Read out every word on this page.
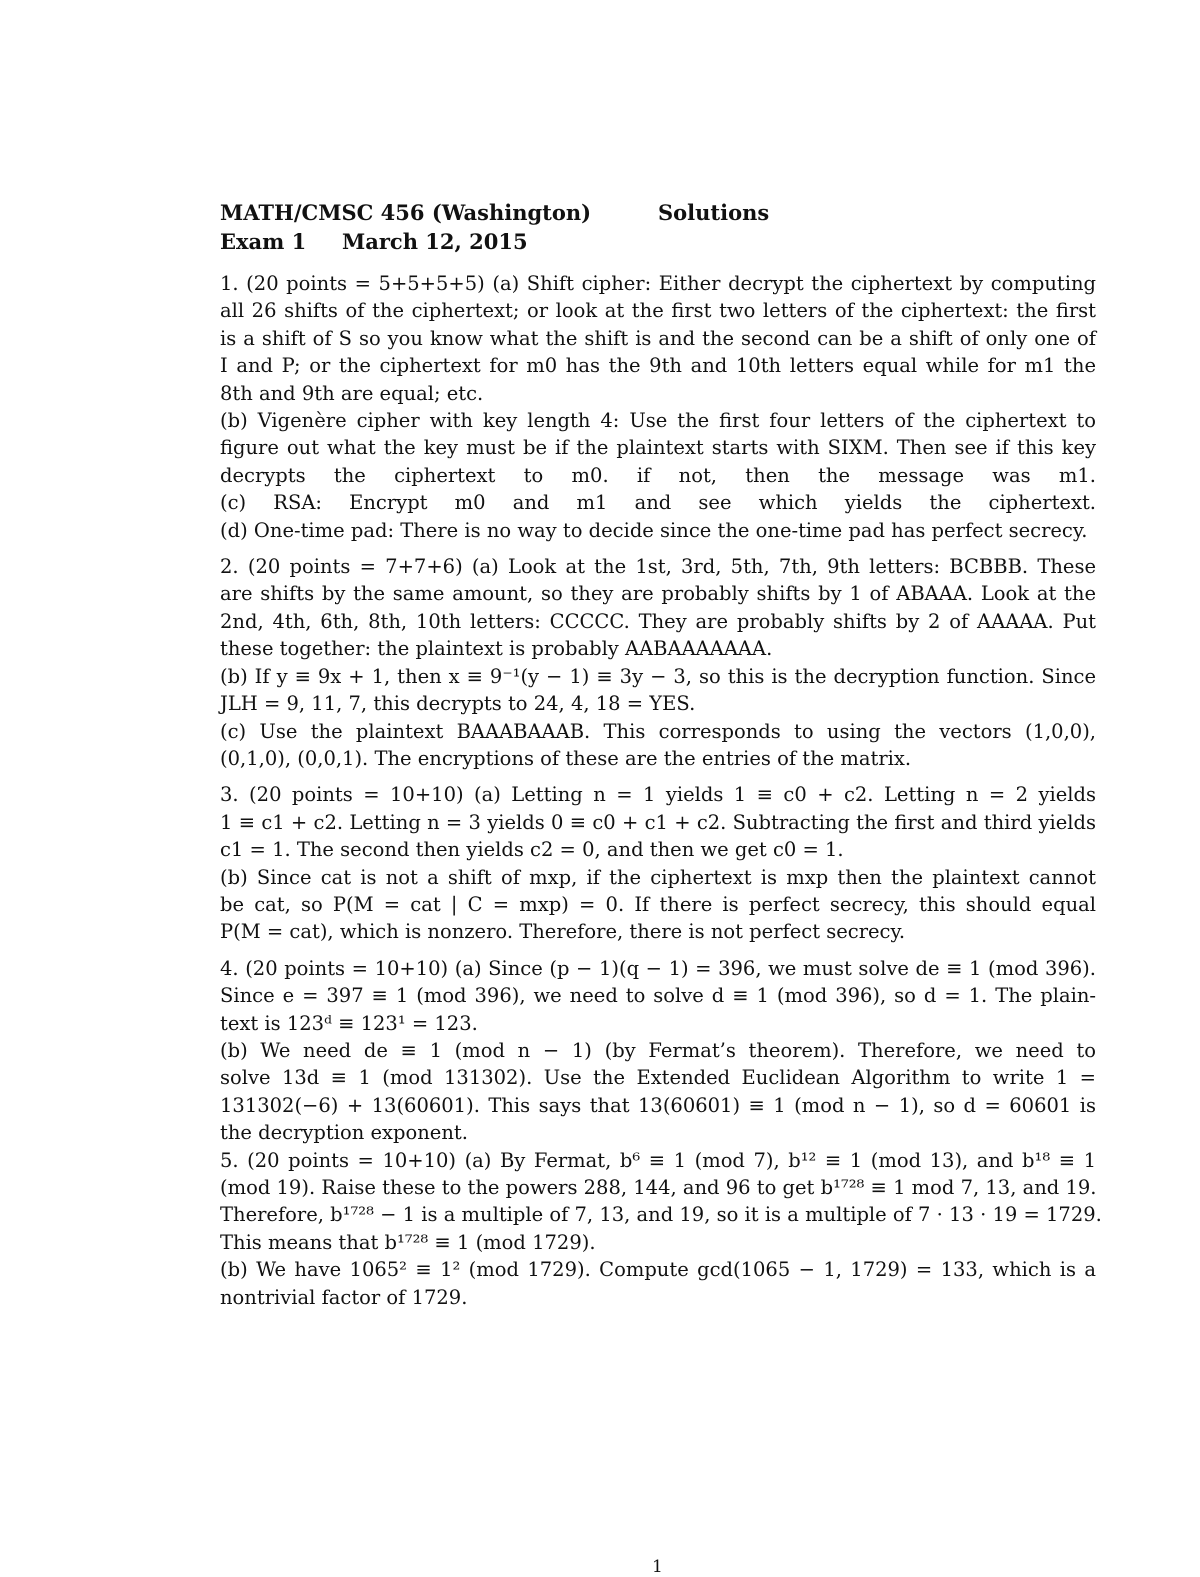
MATH/CMSC 456 (Washington)	Solutions
Exam 1 March 12, 2015
1. (20 points = 5+5+5+5) (a) Shift cipher: Either decrypt the ciphertext by computing
all 26 shifts of the ciphertext; or look at the first two letters of the ciphertext: the first
is a shift of S so you know what the shift is and the second can be a shift of only one of
I and P; or the ciphertext for m0 has the 9th and 10th letters equal while for m1 the
8th and 9th are equal; etc.
(b) Vigenère cipher with key length 4: Use the first four letters of the ciphertext to
figure out what the key must be if the plaintext starts with SIXM. Then see if this key
decrypts the ciphertext to m0. if not, then the message was m1.
(c) RSA: Encrypt m0 and m1 and see which yields the ciphertext.
(d) One-time pad: There is no way to decide since the one-time pad has perfect secrecy.
2. (20 points = 7+7+6) (a) Look at the 1st, 3rd, 5th, 7th, 9th letters: BCBBB. These
are shifts by the same amount, so they are probably shifts by 1 of ABAAA. Look at the
2nd, 4th, 6th, 8th, 10th letters: CCCCC. They are probably shifts by 2 of AAAAA. Put
these together: the plaintext is probably AABAAAAAAA.
(b) If y ≡ 9x + 1, then x ≡ 9⁻¹(y − 1) ≡ 3y − 3, so this is the decryption function. Since
JLH = 9, 11, 7, this decrypts to 24, 4, 18 = YES.
(c) Use the plaintext BAAABAAAB. This corresponds to using the vectors (1,0,0),
(0,1,0), (0,0,1). The encryptions of these are the entries of the matrix.
3. (20 points = 10+10) (a) Letting n = 1 yields 1 ≡ c0 + c2. Letting n = 2 yields
1 ≡ c1 + c2. Letting n = 3 yields 0 ≡ c0 + c1 + c2. Subtracting the first and third yields
c1 = 1. The second then yields c2 = 0, and then we get c0 = 1.
(b) Since cat is not a shift of mxp, if the ciphertext is mxp then the plaintext cannot
be cat, so P(M = cat | C = mxp) = 0. If there is perfect secrecy, this should equal
P(M = cat), which is nonzero. Therefore, there is not perfect secrecy.
4. (20 points = 10+10) (a) Since (p − 1)(q − 1) = 396, we must solve de ≡ 1 (mod 396).
Since e = 397 ≡ 1 (mod 396), we need to solve d ≡ 1 (mod 396), so d = 1. The plain-
text is 123ᵈ ≡ 123¹ = 123.
(b) We need de ≡ 1 (mod n − 1) (by Fermat’s theorem). Therefore, we need to
solve 13d ≡ 1 (mod 131302). Use the Extended Euclidean Algorithm to write 1 =
131302(−6) + 13(60601). This says that 13(60601) ≡ 1 (mod n − 1), so d = 60601 is
the decryption exponent.
5. (20 points = 10+10) (a) By Fermat, b⁶ ≡ 1 (mod 7), b¹² ≡ 1 (mod 13), and b¹⁸ ≡ 1
(mod 19). Raise these to the powers 288, 144, and 96 to get b¹⁷²⁸ ≡ 1 mod 7, 13, and 19.
Therefore, b¹⁷²⁸ − 1 is a multiple of 7, 13, and 19, so it is a multiple of 7 · 13 · 19 = 1729.
This means that b¹⁷²⁸ ≡ 1 (mod 1729).
(b) We have 1065² ≡ 1² (mod 1729). Compute gcd(1065 − 1, 1729) = 133, which is a
nontrivial factor of 1729.
1
